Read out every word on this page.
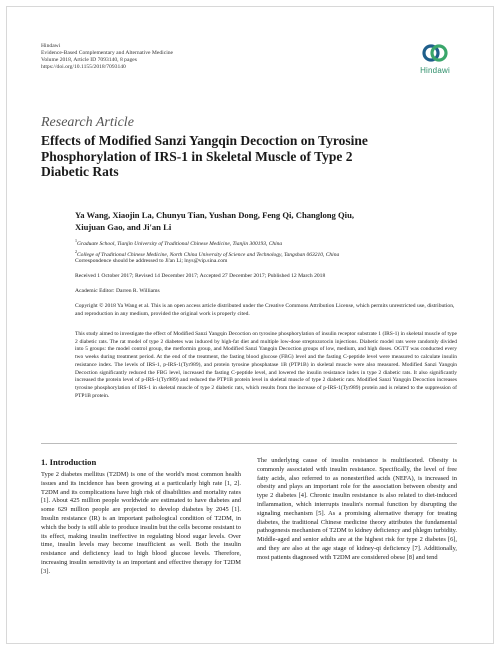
Hindawi
Evidence-Based Complementary and Alternative Medicine
Volume 2018, Article ID 7093140, 8 pages
https://doi.org/10.1155/2018/7093140	Hindawi
Research Article
Effects of Modified Sanzi Yangqin Decoction on Tyrosine Phosphorylation of IRS-1 in Skeletal Muscle of Type 2 Diabetic Rats
Ya Wang, Xiaojin La, Chunyu Tian, Yushan Dong, Feng Qi, Changlong Qiu,
Xiujuan Gao, and Ji'an Li
$^1$Graduate School, Tianjin University of Traditional Chinese Medicine, Tianjin 300193, China
$^2$College of Traditional Chinese Medicine, North China University of Science and Technology, Tangshan 063210, China
Correspondence should be addressed to Ji'an Li; lnys@vip.sina.com
Received 1 October 2017; Revised 14 December 2017; Accepted 27 December 2017; Published 12 March 2018
Academic Editor: Darren R. Williams
Copyright © 2018 Ya Wang et al. This is an open access article distributed under the Creative Commons Attribution License, which permits unrestricted use, distribution, and reproduction in any medium, provided the original work is properly cited.
This study aimed to investigate the effect of Modified Sanzi Yangqin Decoction on tyrosine phosphorylation of insulin receptor substrate 1 (IRS-1) in skeletal muscle of type 2 diabetic rats. The rat model of type 2 diabetes was induced by high-fat diet and multiple low-dose streptozotocin injections. Diabetic model rats were randomly divided into 5 groups: the model control group, the metformin group, and Modified Sanzi Yangqin Decoction groups of low, medium, and high doses. OGTT was conducted every two weeks during treatment period. At the end of the treatment, the fasting blood glucose (FBG) level and the fasting C-peptide level were measured to calculate insulin resistance index. The levels of IRS-1, p-IRS-1(Tyr989), and protein tyrosine phosphatase 1B (PTP1B) in skeletal muscle were also measured. Modified Sanzi Yangqin Decoction significantly reduced the FBG level, increased the fasting C-peptide level, and lowered the insulin resistance index in type 2 diabetic rats. It also significantly increased the protein level of p-IRS-1(Tyr989) and reduced the PTP1B protein level in skeletal muscle of type 2 diabetic rats. Modified Sanzi Yangqin Decoction increases tyrosine phosphorylation of IRS-1 in skeletal muscle of type 2 diabetic rats, which results from the increase of p-IRS-1(Tyr989) protein and is related to the suppression of PTP1B protein.
1. Introduction
Type 2 diabetes mellitus (T2DM) is one of the world's most common health issues and its incidence has been growing at a particularly high rate [1, 2]. T2DM and its complications have high risk of disabilities and mortality rates [1]. About 425 million people worldwide are estimated to have diabetes and some 629 million people are projected to develop diabetes by 2045 [1]. Insulin resistance (IR) is an important pathological condition of T2DM, in which the body is still able to produce insulin but the cells become resistant to its effect, making insulin ineffective in regulating blood sugar levels. Over time, insulin levels may become insufficient as well. Both the insulin resistance and deficiency lead to high blood glucose levels. Therefore, increasing insulin sensitivity is an important and effective therapy for T2DM [3].
The underlying cause of insulin resistance is multifaceted. Obesity is commonly associated with insulin resistance. Specifically, the level of free fatty acids, also referred to as nonesterified acids (NEFA), is increased in obesity and plays an important role for the association between obesity and type 2 diabetes [4]. Chronic insulin resistance is also related to diet-induced inflammation, which interrupts insulin's normal function by disrupting the signaling mechanism [5]. As a promising alternative therapy for treating diabetes, the traditional Chinese medicine theory attributes the fundamental pathogenesis mechanism of T2DM to kidney deficiency and phlegm turbidity. Middle-aged and senior adults are at the highest risk for type 2 diabetes [6], and they are also at the age stage of kidney-qi deficiency [7]. Additionally, most patients diagnosed with T2DM are considered obese [8] and tend
